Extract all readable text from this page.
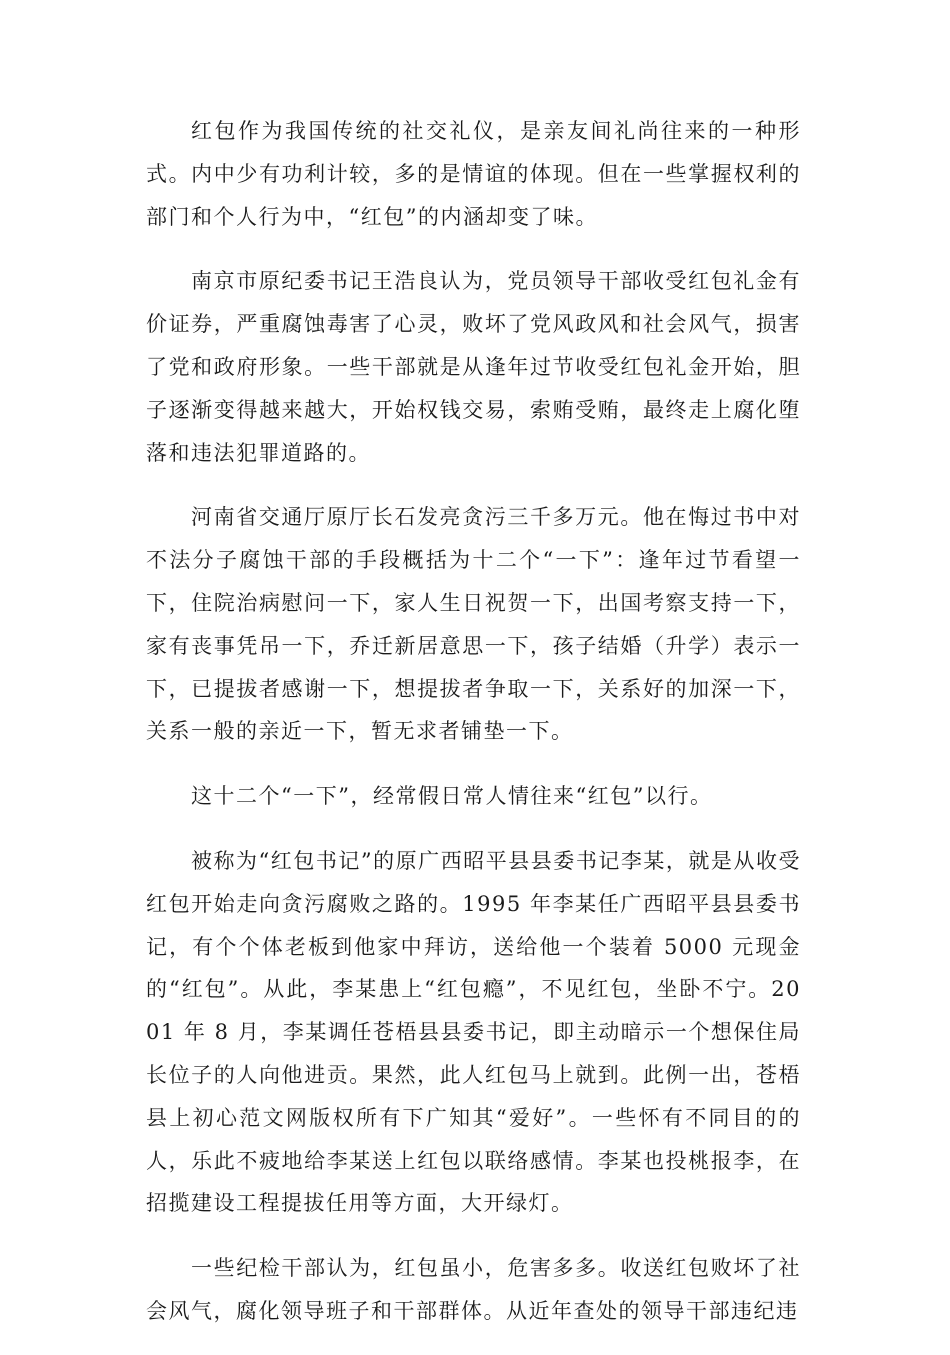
红包作为我国传统的社交礼仪，是亲友间礼尚往来的一种形式。内中少有功利计较，多的是情谊的体现。但在一些掌握权利的部门和个人行为中，“红包”的内涵却变了味。

南京市原纪委书记王浩良认为，党员领导干部收受红包礼金有价证券，严重腐蚀毒害了心灵，败坏了党风政风和社会风气，损害了党和政府形象。一些干部就是从逢年过节收受红包礼金开始，胆子逐渐变得越来越大，开始权钱交易，索贿受贿，最终走上腐化堕落和违法犯罪道路的。

河南省交通厅原厅长石发亮贪污三千多万元。他在悔过书中对不法分子腐蚀干部的手段概括为十二个“一下”：逢年过节看望一下，住院治病慰问一下，家人生日祝贺一下，出国考察支持一下，家有丧事凭吊一下，乔迁新居意思一下，孩子结婚（升学）表示一下，已提拔者感谢一下，想提拔者争取一下，关系好的加深一下，关系一般的亲近一下，暂无求者铺垫一下。

这十二个“一下”，经常假日常人情往来“红包”以行。

被称为“红包书记”的原广西昭平县县委书记李某，就是从收受红包开始走向贪污腐败之路的。1995 年李某任广西昭平县县委书记，有个个体老板到他家中拜访，送给他一个装着 5000 元现金的“红包”。从此，李某患上“红包瘾”，不见红包，坐卧不宁。2001 年 8 月，李某调任苍梧县县委书记，即主动暗示一个想保住局长位子的人向他进贡。果然，此人红包马上就到。此例一出，苍梧县上初心范文网版权所有下广知其“爱好”。一些怀有不同目的的人，乐此不疲地给李某送上红包以联络感情。李某也投桃报李，在招揽建设工程提拔任用等方面，大开绿灯。

一些纪检干部认为，红包虽小，危害多多。收送红包败坏了社会风气，腐化领导班子和干部群体。从近年查处的领导干部违纪违
